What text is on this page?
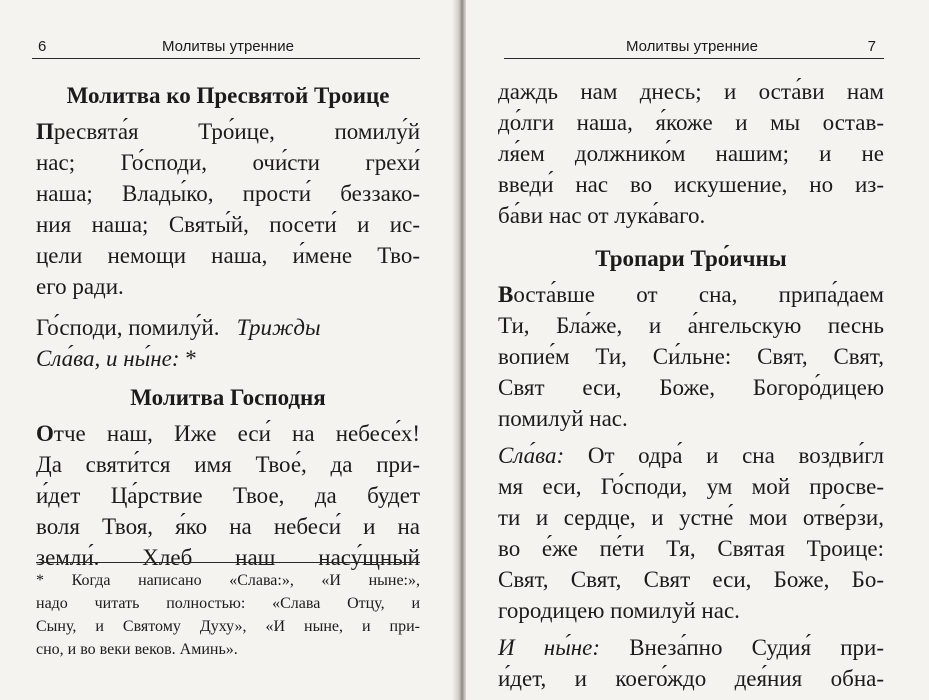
6	Молитвы утренние
Молитва ко Пресвятой Троице

Пресвята́я Тро́ице, помилу́й

нас; Го́споди, очи́сти грехи́

наша; Влады́ко, прости́ беззако-

ния наша; Святы́й, посети́ и ис-

цели немощи наша, и́мене Тво-

его ради.

Го́споди, помилу́й. Трижды

Сла́ва, и ны́не: *

Молитва Господня

Отче наш, Иже еси́ на небесе́х!

Да святи́тся имя Твое́, да при-

и́дет Ца́рствие Твое, да будет

воля Твоя, я́ко на небеси́ и на

земли́. Хлеб наш насу́щный

* Когда написано «Слава:», «И ныне:»,
надо читать полностью: «Слава Отцу, и
Сыну, и Святому Духу», «И ныне, и при-
сно, и во веки веков. Аминь».
Молитвы утренние	7

даждь нам днесь; и оста́ви нам

до́лги наша, я́коже и мы остав-

ля́ем должнико́м нашим; и не

введи́ нас во искушение, но из-

ба́ви нас от лука́ваго.

Тропари Тро́ичны

Воста́вше от сна, припа́даем

Ти, Бла́же, и а́нгельскую песнь

вопие́м Ти, Си́льне: Свят, Свят,

Свят еси, Боже, Богоро́дицею

помилуй нас.

Сла́ва: От одра́ и сна воздви́гл

мя еси, Го́споди, ум мой просве-

ти и сердце, и устне́ мои отве́рзи,

во е́же пе́ти Тя, Святая Троице:

Свят, Свят, Свят еси, Боже, Бо-

городицею помилуй нас.

И ны́не: Внеза́пно Судия́ при-

и́дет, и коего́ждо дея́ния обна-
